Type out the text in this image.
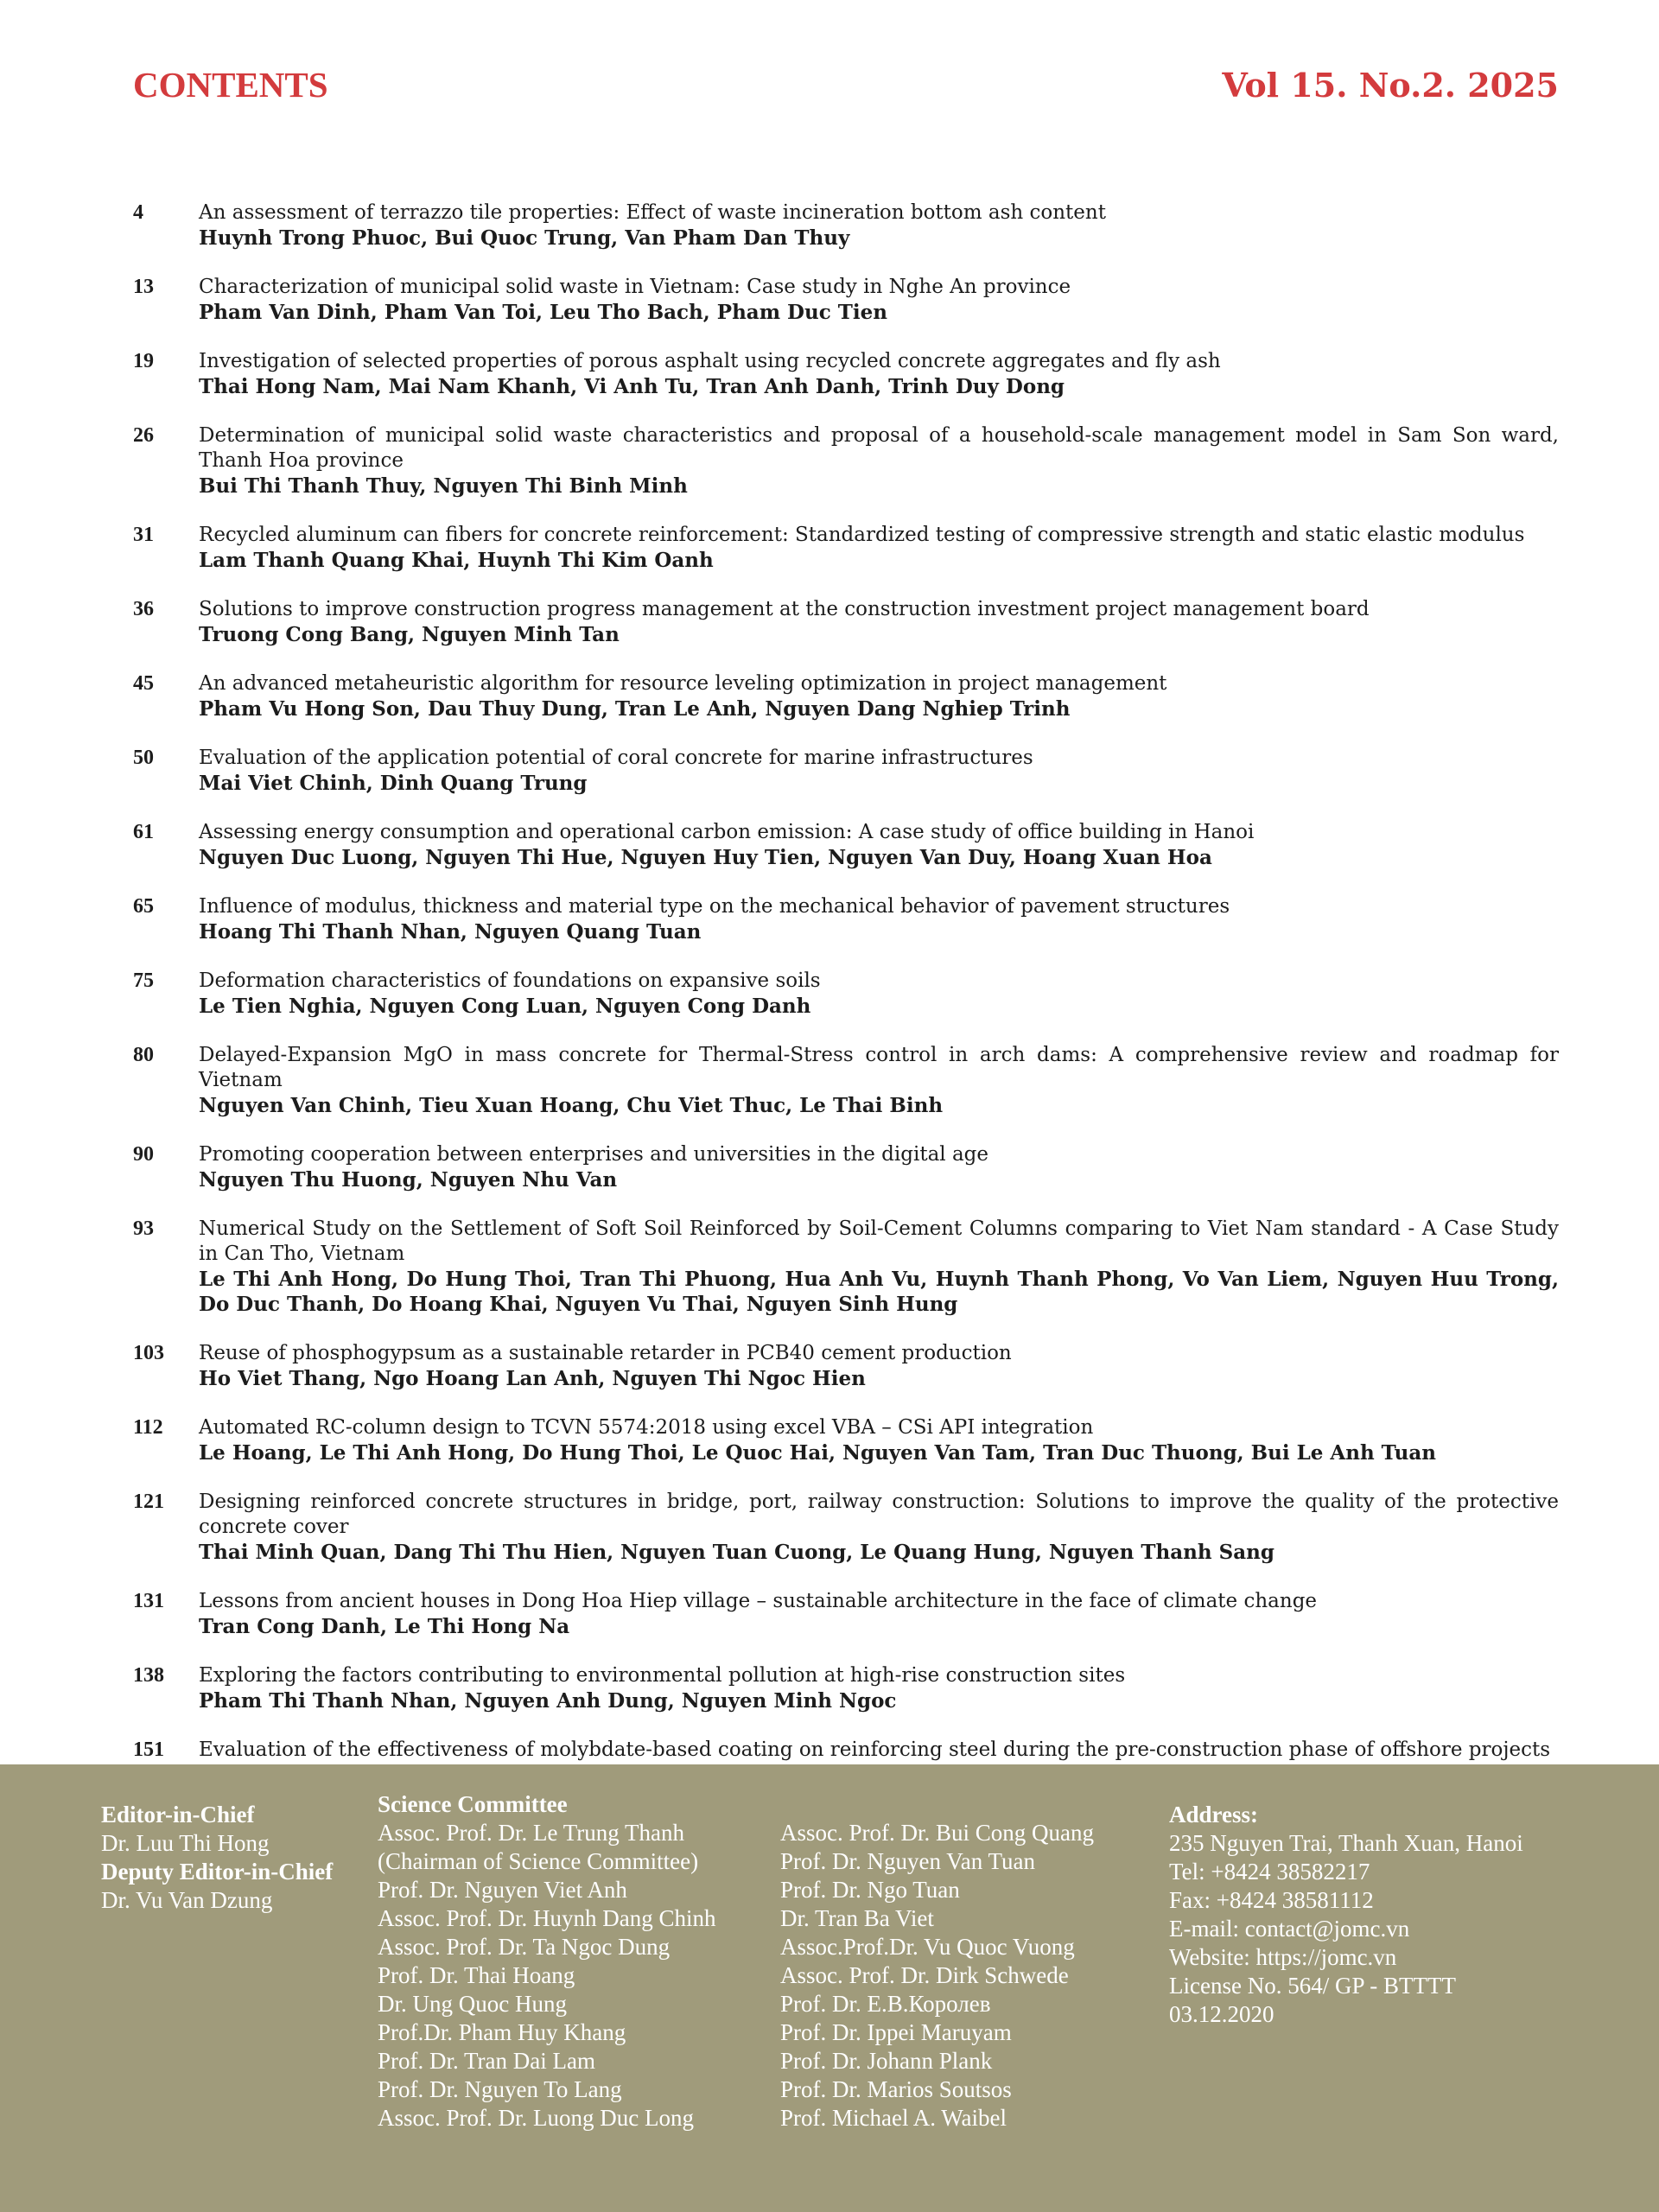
CONTENTS	Vol 15. No.2. 2025
4	An assessment of terrazzo tile properties: Effect of waste incineration bottom ash content
Huynh Trong Phuoc, Bui Quoc Trung, Van Pham Dan Thuy
13	Characterization of municipal solid waste in Vietnam: Case study in Nghe An province
Pham Van Dinh, Pham Van Toi, Leu Tho Bach, Pham Duc Tien
19	Investigation of selected properties of porous asphalt using recycled concrete aggregates and fly ash
Thai Hong Nam, Mai Nam Khanh, Vi Anh Tu, Tran Anh Danh, Trinh Duy Dong
26	Determination of municipal solid waste characteristics and proposal of a household-scale management model in Sam Son ward, Thanh Hoa province
Bui Thi Thanh Thuy, Nguyen Thi Binh Minh
31	Recycled aluminum can fibers for concrete reinforcement: Standardized testing of compressive strength and static elastic modulus
Lam Thanh Quang Khai, Huynh Thi Kim Oanh
36	Solutions to improve construction progress management at the construction investment project management board
Truong Cong Bang, Nguyen Minh Tan
45	An advanced metaheuristic algorithm for resource leveling optimization in project management
Pham Vu Hong Son, Dau Thuy Dung, Tran Le Anh, Nguyen Dang Nghiep Trinh
50	Evaluation of the application potential of coral concrete for marine infrastructures
Mai Viet Chinh, Dinh Quang Trung
61	Assessing energy consumption and operational carbon emission: A case study of office building in Hanoi
Nguyen Duc Luong, Nguyen Thi Hue, Nguyen Huy Tien, Nguyen Van Duy, Hoang Xuan Hoa
65	Influence of modulus, thickness and material type on the mechanical behavior of pavement structures
Hoang Thi Thanh Nhan, Nguyen Quang Tuan
75	Deformation characteristics of foundations on expansive soils
Le Tien Nghia, Nguyen Cong Luan, Nguyen Cong Danh
80	Delayed-Expansion MgO in mass concrete for Thermal-Stress control in arch dams: A comprehensive review and roadmap for Vietnam
Nguyen Van Chinh, Tieu Xuan Hoang, Chu Viet Thuc, Le Thai Binh
90	Promoting cooperation between enterprises and universities in the digital age
Nguyen Thu Huong, Nguyen Nhu Van
93	Numerical Study on the Settlement of Soft Soil Reinforced by Soil-Cement Columns comparing to Viet Nam standard - A Case Study in Can Tho, Vietnam
Le Thi Anh Hong, Do Hung Thoi, Tran Thi Phuong, Hua Anh Vu, Huynh Thanh Phong, Vo Van Liem, Nguyen Huu Trong, Do Duc Thanh, Do Hoang Khai, Nguyen Vu Thai, Nguyen Sinh Hung
103	Reuse of phosphogypsum as a sustainable retarder in PCB40 cement production
Ho Viet Thang, Ngo Hoang Lan Anh, Nguyen Thi Ngoc Hien
112	Automated RC-column design to TCVN 5574:2018 using excel VBA – CSi API integration
Le Hoang, Le Thi Anh Hong, Do Hung Thoi, Le Quoc Hai, Nguyen Van Tam, Tran Duc Thuong, Bui Le Anh Tuan
121	Designing reinforced concrete structures in bridge, port, railway construction: Solutions to improve the quality of the protective concrete cover
Thai Minh Quan, Dang Thi Thu Hien, Nguyen Tuan Cuong, Le Quang Hung, Nguyen Thanh Sang
131	Lessons from ancient houses in Dong Hoa Hiep village – sustainable architecture in the face of climate change
Tran Cong Danh, Le Thi Hong Na
138	Exploring the factors contributing to environmental pollution at high-rise construction sites
Pham Thi Thanh Nhan, Nguyen Anh Dung, Nguyen Minh Ngoc
151	Evaluation of the effectiveness of molybdate-based coating on reinforcing steel during the pre-construction phase of offshore projects
Editor-in-Chief
Dr. Luu Thi Hong
Deputy Editor-in-Chief
Dr. Vu Van Dzung
Science Committee
Assoc. Prof. Dr. Le Trung Thanh
(Chairman of Science Committee)
Prof. Dr. Nguyen Viet Anh
Assoc. Prof. Dr. Huynh Dang Chinh
Assoc. Prof. Dr. Ta Ngoc Dung
Prof. Dr. Thai Hoang
Dr. Ung Quoc Hung
Prof.Dr. Pham Huy Khang
Prof. Dr. Tran Dai Lam
Prof. Dr. Nguyen To Lang
Assoc. Prof. Dr. Luong Duc Long
Assoc. Prof. Dr. Bui Cong Quang
Prof. Dr. Nguyen Van Tuan
Prof. Dr. Ngo Tuan
Dr. Tran Ba Viet
Assoc.Prof.Dr. Vu Quoc Vuong
Assoc. Prof. Dr. Dirk Schwede
Prof. Dr. E.B.Королев
Prof. Dr. Ippei Maruyam
Prof. Dr. Johann Plank
Prof. Dr. Marios Soutsos
Prof. Michael A. Waibel
Address:
235 Nguyen Trai, Thanh Xuan, Hanoi
Tel: +8424 38582217
Fax: +8424 38581112
E-mail: contact@jomc.vn
Website: https://jomc.vn
License No. 564/ GP - BTTTT
03.12.2020
